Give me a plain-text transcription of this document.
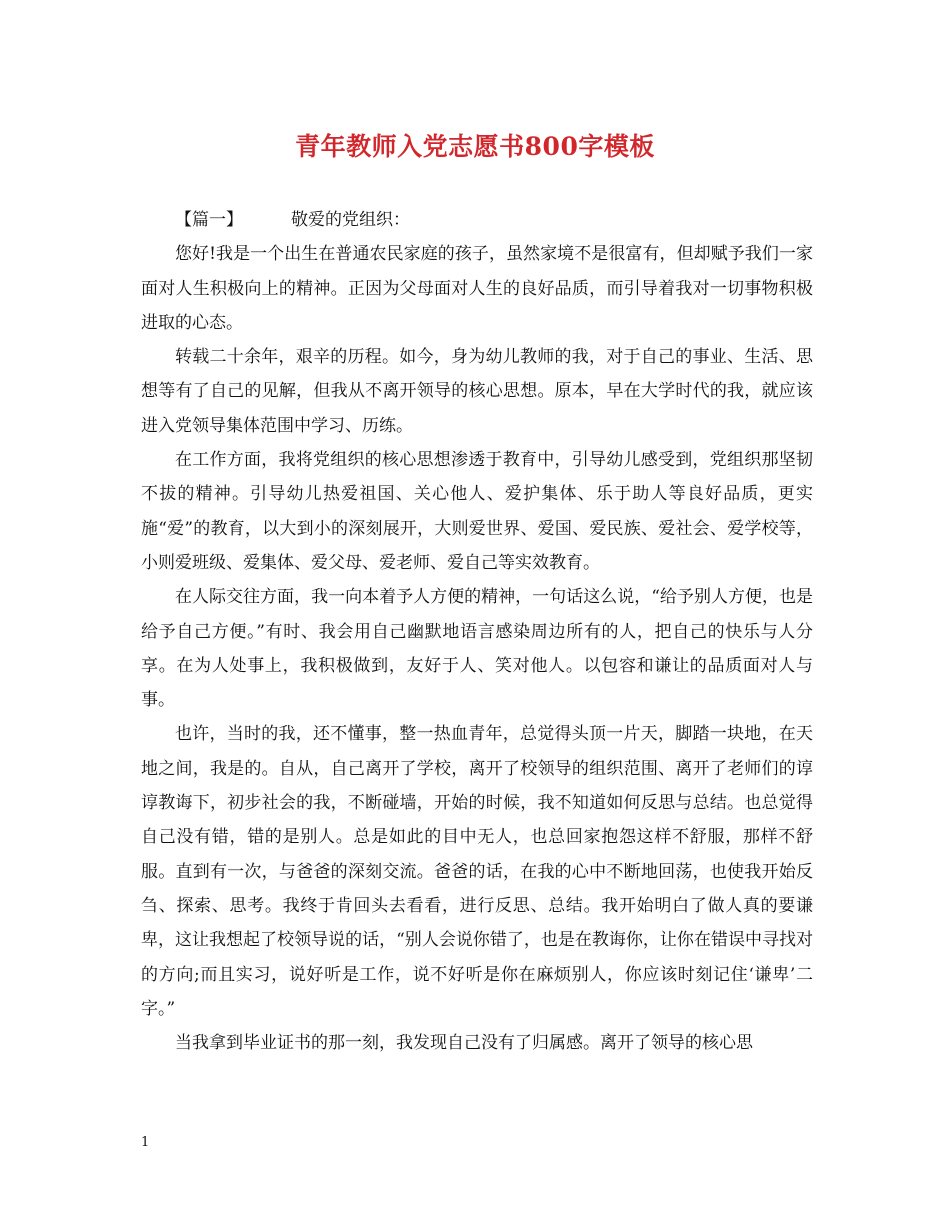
青年教师入党志愿书800字模板

【篇一】	敬爱的党组织：

您好!我是一个出生在普通农民家庭的孩子，虽然家境不是很富有，但却赋予我们一家面对人生积极向上的精神。正因为父母面对人生的良好品质，而引导着我对一切事物积极进取的心态。

转载二十余年，艰辛的历程。如今，身为幼儿教师的我，对于自己的事业、生活、思想等有了自己的见解，但我从不离开领导的核心思想。原本，早在大学时代的我，就应该进入党领导集体范围中学习、历练。

在工作方面，我将党组织的核心思想渗透于教育中，引导幼儿感受到，党组织那坚韧不拔的精神。引导幼儿热爱祖国、关心他人、爱护集体、乐于助人等良好品质，更实施“爱”的教育，以大到小的深刻展开，大则爱世界、爱国、爱民族、爱社会、爱学校等，小则爱班级、爱集体、爱父母、爱老师、爱自己等实效教育。

在人际交往方面，我一向本着予人方便的精神，一句话这么说，“给予别人方便，也是给予自己方便。”有时、我会用自己幽默地语言感染周边所有的人，把自己的快乐与人分享。在为人处事上，我积极做到，友好于人、笑对他人。以包容和谦让的品质面对人与事。

也许，当时的我，还不懂事，整一热血青年，总觉得头顶一片天，脚踏一块地，在天地之间，我是的。自从，自己离开了学校，离开了校领导的组织范围、离开了老师们的谆谆教诲下，初步社会的我，不断碰墙，开始的时候，我不知道如何反思与总结。也总觉得自己没有错，错的是别人。总是如此的目中无人，也总回家抱怨这样不舒服，那样不舒服。直到有一次，与爸爸的深刻交流。爸爸的话，在我的心中不断地回荡，也使我开始反刍、探索、思考。我终于肯回头去看看，进行反思、总结。我开始明白了做人真的要谦卑，这让我想起了校领导说的话，“别人会说你错了，也是在教诲你，让你在错误中寻找对的方向;而且实习，说好听是工作，说不好听是你在麻烦别人，你应该时刻记住‘谦卑’二字。”

当我拿到毕业证书的那一刻，我发现自己没有了归属感。离开了领导的核心思

1
